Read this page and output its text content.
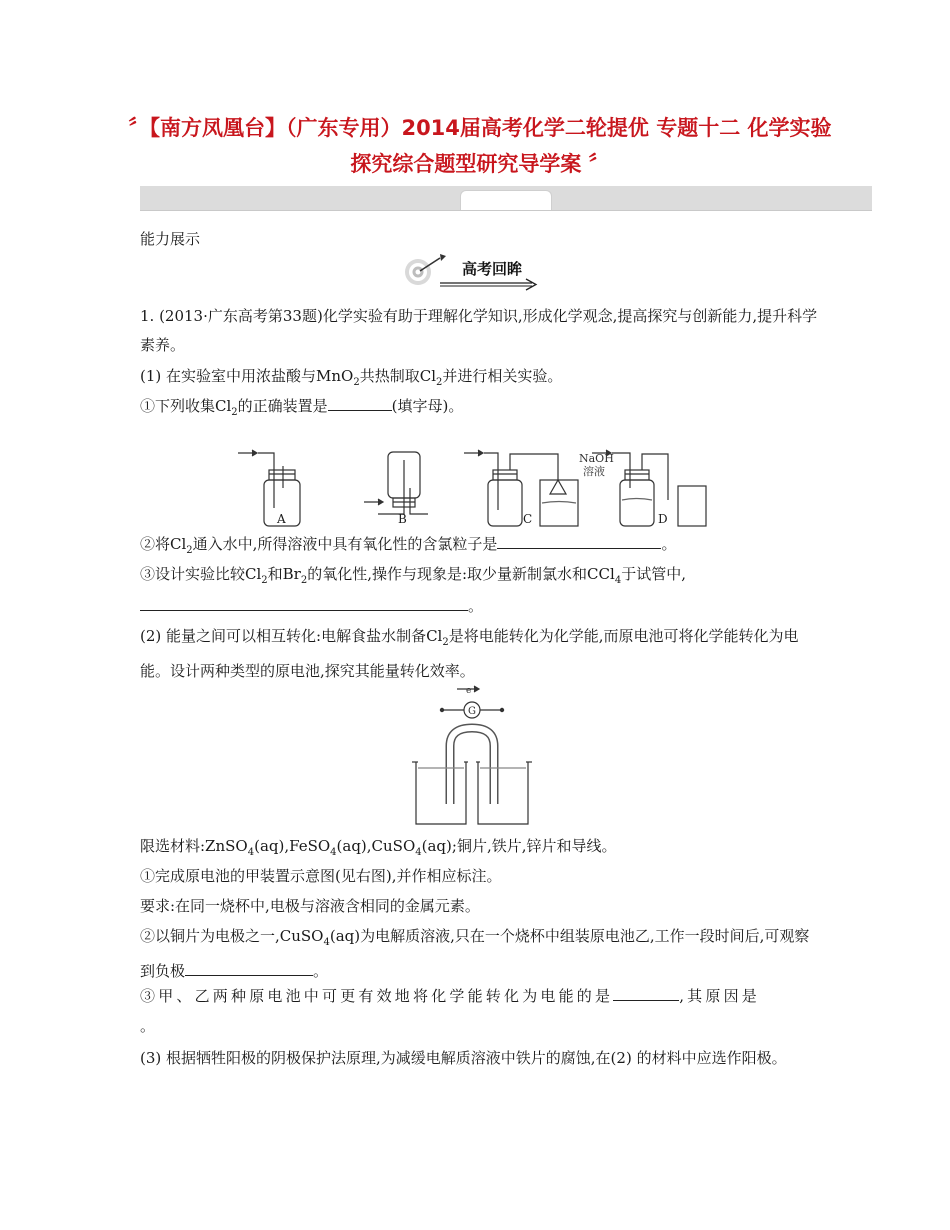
〞【南方凤凰台】（广东专用）2014届高考化学二轮提优 专题十二 化学实验探究综合题型研究导学案 〞
能力展示
高考回眸
1. (2013·广东高考第33题)化学实验有助于理解化学知识,形成化学观念,提高探究与创新能力,提升科学素养。
(1) 在实验室中用浓盐酸与MnO$_2$共热制取$Cl_2$并进行相关实验。
①下列收集$Cl_2$的正确装置是	(填字母)。
NaOH
溶液
A	B	C	D
②将$Cl_2$通入水中,所得溶液中具有氧化性的含氯粒子是	。
③设计实验比较$Cl_2$和$Br_2$的氧化性,操作与现象是:取少量新制氯水和CCl$_4$于试管中,
。
(2) 能量之间可以相互转化:电解食盐水制备$Cl_2$是将电能转化为化学能,而原电池可将化学能转化为电能。设计两种类型的原电池,探究其能量转化效率。
e
G
限选材料:ZnSO$_4$(aq),FeSO$_4$(aq),CuSO$_4$(aq);铜片,铁片,锌片和导线。
①完成原电池的甲装置示意图(见右图),并作相应标注。
要求:在同一烧杯中,电极与溶液含相同的金属元素。
②以铜片为电极之一,CuSO$_4$(aq)为电解质溶液,只在一个烧杯中组装原电池乙,工作一段时间后,可观察到负极	。
③甲、乙两种原电池中可更有效地将化学能转化为电能的是	,其原因是
。
(3) 根据牺牲阳极的阴极保护法原理,为减缓电解质溶液中铁片的腐蚀,在(2) 的材料中应选作阳极。
